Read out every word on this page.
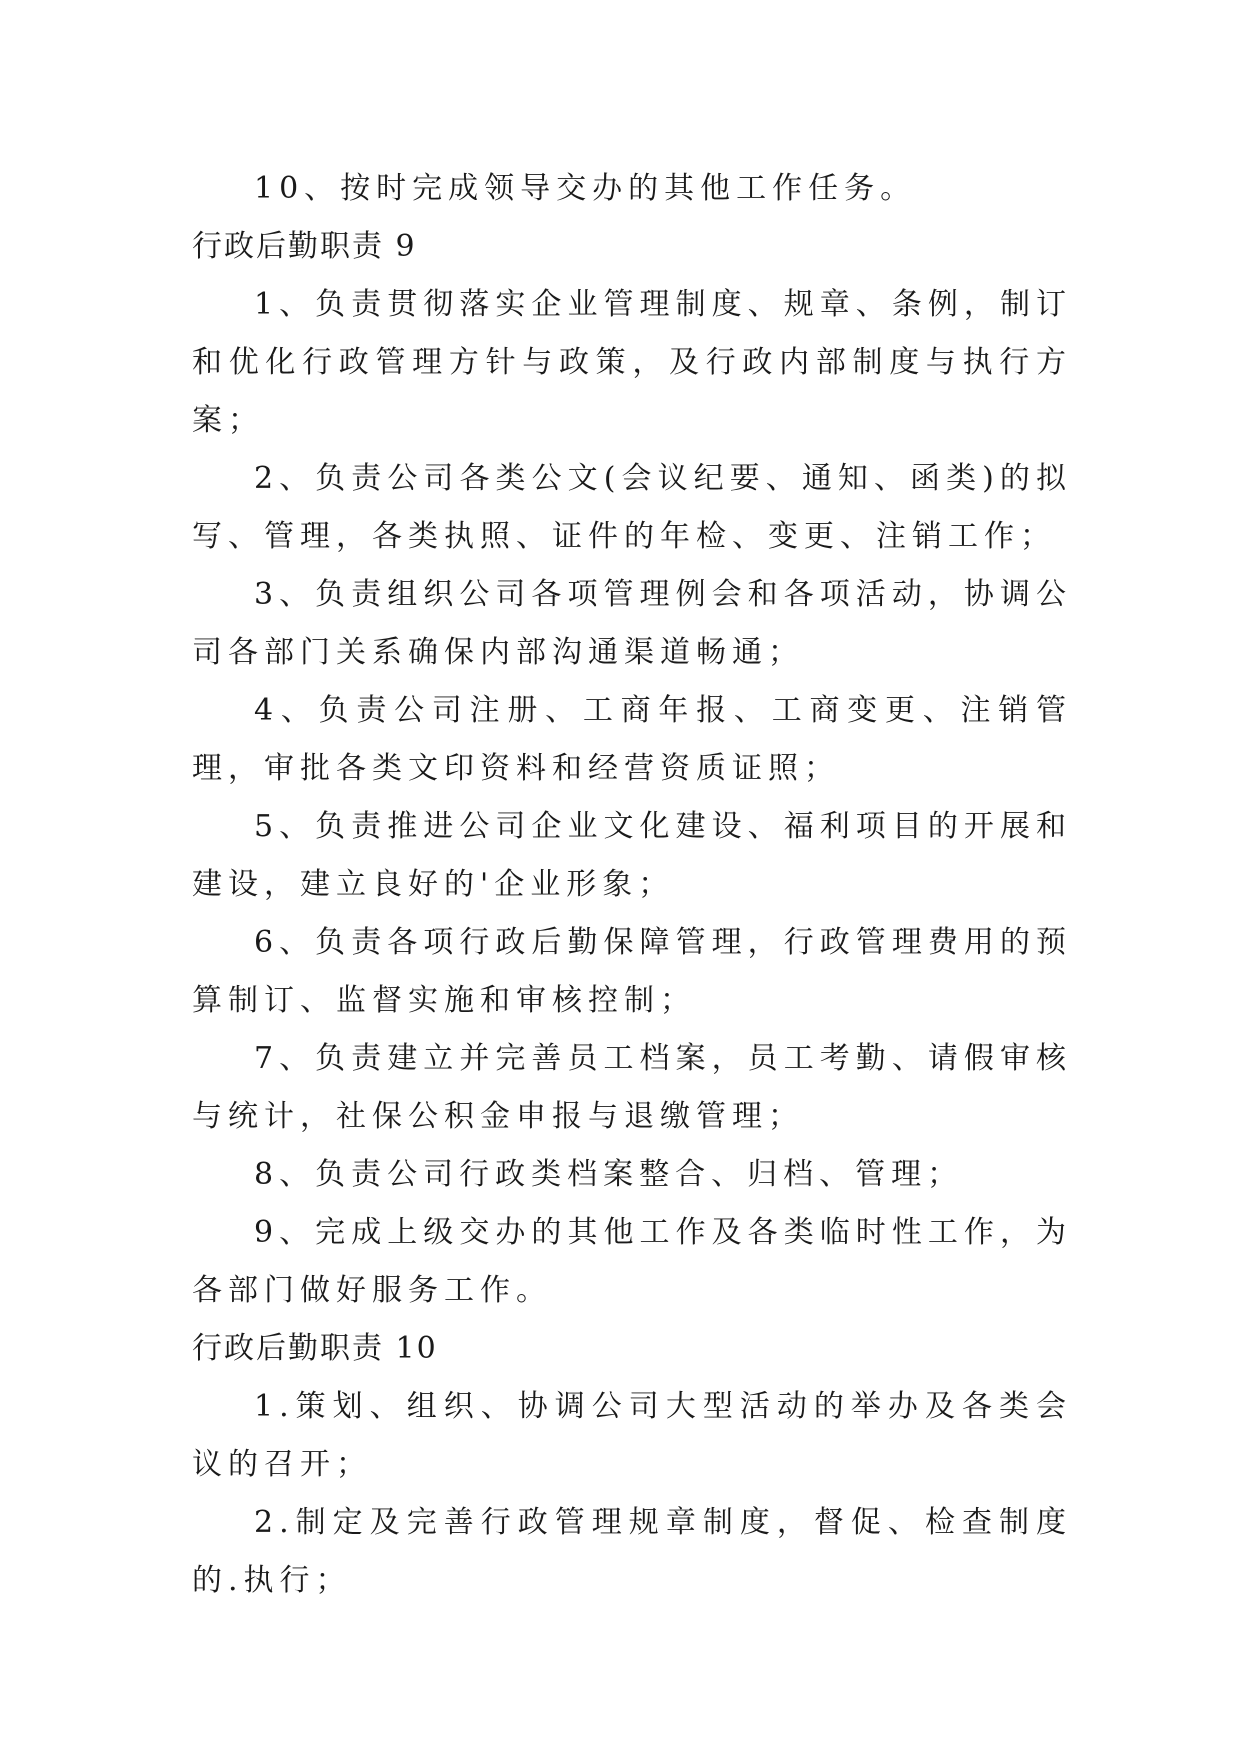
10、按时完成领导交办的其他工作任务。

行政后勤职责 9

1、负责贯彻落实企业管理制度、规章、条例，制订和优化行政管理方针与政策，及行政内部制度与执行方案；

2、负责公司各类公文(会议纪要、通知、函类)的拟写、管理，各类执照、证件的年检、变更、注销工作；

3、负责组织公司各项管理例会和各项活动，协调公司各部门关系确保内部沟通渠道畅通；

4、负责公司注册、工商年报、工商变更、注销管理，审批各类文印资料和经营资质证照；

5、负责推进公司企业文化建设、福利项目的开展和建设，建立良好的'企业形象；

6、负责各项行政后勤保障管理，行政管理费用的预算制订、监督实施和审核控制；

7、负责建立并完善员工档案，员工考勤、请假审核与统计，社保公积金申报与退缴管理；

8、负责公司行政类档案整合、归档、管理；

9、完成上级交办的其他工作及各类临时性工作，为各部门做好服务工作。

行政后勤职责 10

1.策划、组织、协调公司大型活动的举办及各类会议的召开；

2.制定及完善行政管理规章制度，督促、检查制度的.执行；
